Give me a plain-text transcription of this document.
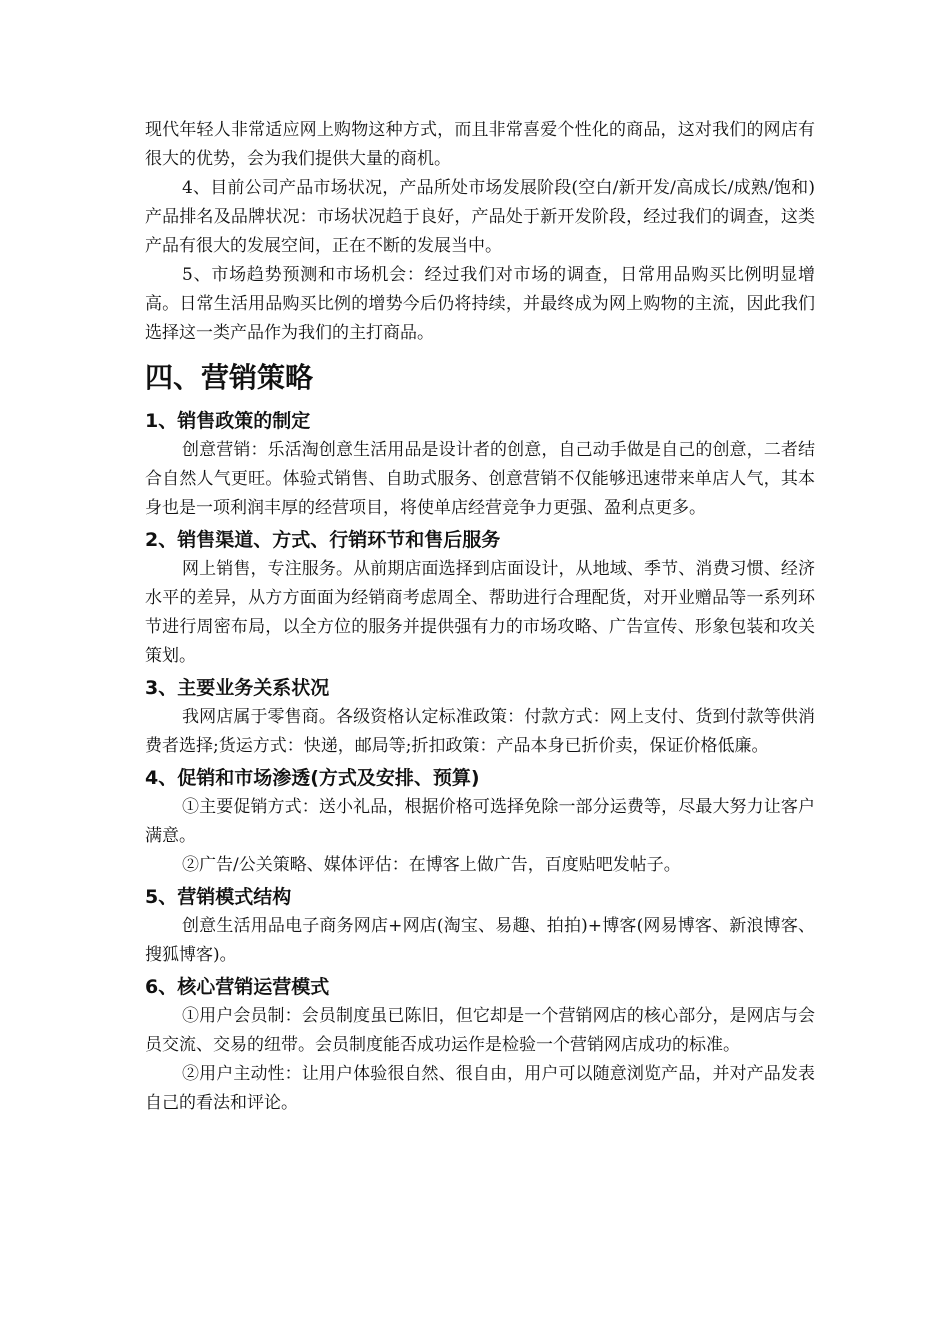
现代年轻人非常适应网上购物这种方式，而且非常喜爱个性化的商品，这对我们的网店有很大的优势，会为我们提供大量的商机。

4、目前公司产品市场状况，产品所处市场发展阶段(空白/新开发/高成长/成熟/饱和)产品排名及品牌状况：市场状况趋于良好，产品处于新开发阶段，经过我们的调查，这类产品有很大的发展空间，正在不断的发展当中。

5、市场趋势预测和市场机会：经过我们对市场的调查，日常用品购买比例明显增高。日常生活用品购买比例的增势今后仍将持续，并最终成为网上购物的主流，因此我们选择这一类产品作为我们的主打商品。

四、营销策略
1、销售政策的制定

创意营销：乐活淘创意生活用品是设计者的创意，自己动手做是自己的创意，二者结合自然人气更旺。体验式销售、自助式服务、创意营销不仅能够迅速带来单店人气，其本身也是一项利润丰厚的经营项目，将使单店经营竞争力更强、盈利点更多。

2、销售渠道、方式、行销环节和售后服务

网上销售，专注服务。从前期店面选择到店面设计，从地域、季节、消费习惯、经济水平的差异，从方方面面为经销商考虑周全、帮助进行合理配货，对开业赠品等一系列环节进行周密布局，以全方位的服务并提供强有力的市场攻略、广告宣传、形象包装和攻关策划。

3、主要业务关系状况

我网店属于零售商。各级资格认定标准政策：付款方式：网上支付、货到付款等供消费者选择;货运方式：快递，邮局等;折扣政策：产品本身已折价卖，保证价格低廉。

4、促销和市场渗透(方式及安排、预算)

①主要促销方式：送小礼品，根据价格可选择免除一部分运费等，尽最大努力让客户满意。

②广告/公关策略、媒体评估：在博客上做广告，百度贴吧发帖子。

5、营销模式结构

创意生活用品电子商务网店+网店(淘宝、易趣、拍拍)+博客(网易博客、新浪博客、搜狐博客)。

6、核心营销运营模式

①用户会员制：会员制度虽已陈旧，但它却是一个营销网店的核心部分，是网店与会员交流、交易的纽带。会员制度能否成功运作是检验一个营销网店成功的标准。

②用户主动性：让用户体验很自然、很自由，用户可以随意浏览产品，并对产品发表自己的看法和评论。
